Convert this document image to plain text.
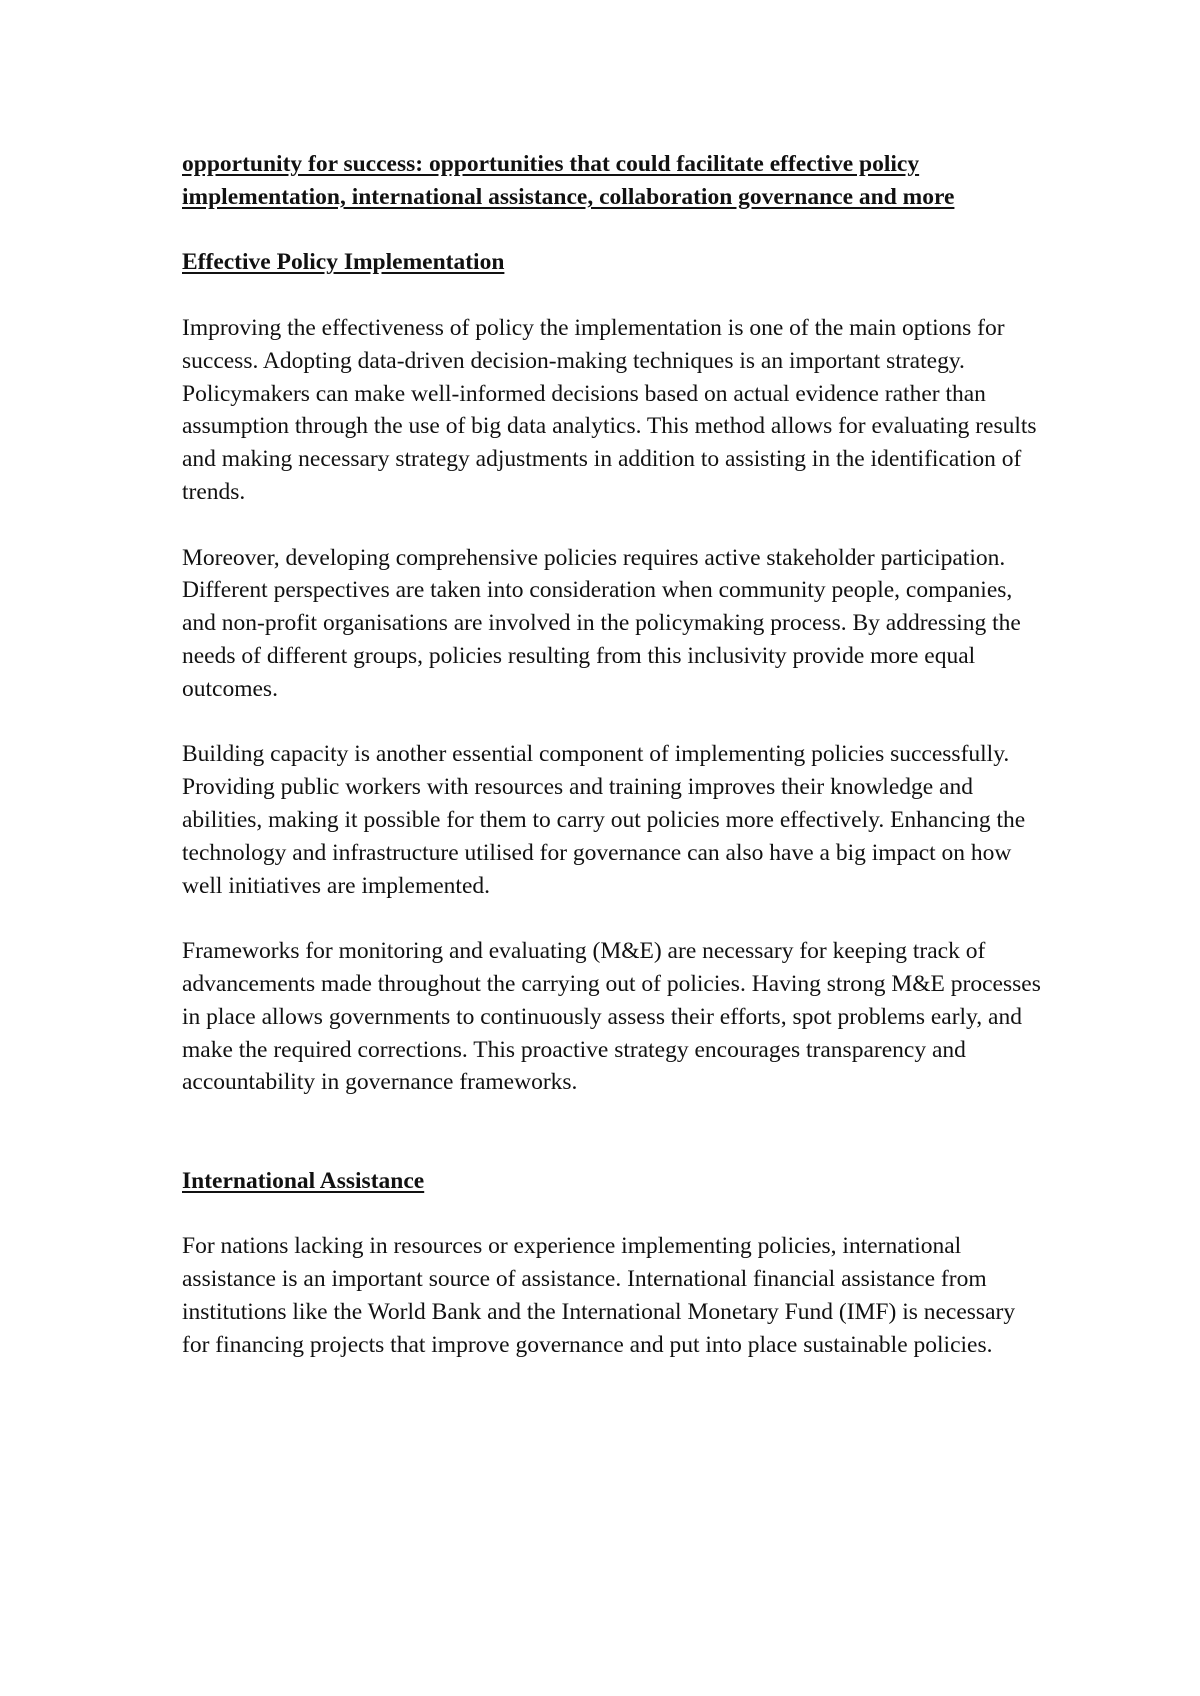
opportunity for success: opportunities that could facilitate effective policy implementation, international assistance, collaboration governance and more

Effective Policy Implementation

Improving the effectiveness of policy the implementation is one of the main options for success. Adopting data-driven decision-making techniques is an important strategy. Policymakers can make well-informed decisions based on actual evidence rather than assumption through the use of big data analytics. This method allows for evaluating results and making necessary strategy adjustments in addition to assisting in the identification of trends.

Moreover, developing comprehensive policies requires active stakeholder participation. Different perspectives are taken into consideration when community people, companies, and non-profit organisations are involved in the policymaking process. By addressing the needs of different groups, policies resulting from this inclusivity provide more equal outcomes.

Building capacity is another essential component of implementing policies successfully. Providing public workers with resources and training improves their knowledge and abilities, making it possible for them to carry out policies more effectively. Enhancing the technology and infrastructure utilised for governance can also have a big impact on how well initiatives are implemented.

Frameworks for monitoring and evaluating (M&E) are necessary for keeping track of advancements made throughout the carrying out of policies. Having strong M&E processes in place allows governments to continuously assess their efforts, spot problems early, and make the required corrections. This proactive strategy encourages transparency and accountability in governance frameworks.

International Assistance

For nations lacking in resources or experience implementing policies, international assistance is an important source of assistance. International financial assistance from institutions like the World Bank and the International Monetary Fund (IMF) is necessary for financing projects that improve governance and put into place sustainable policies.
